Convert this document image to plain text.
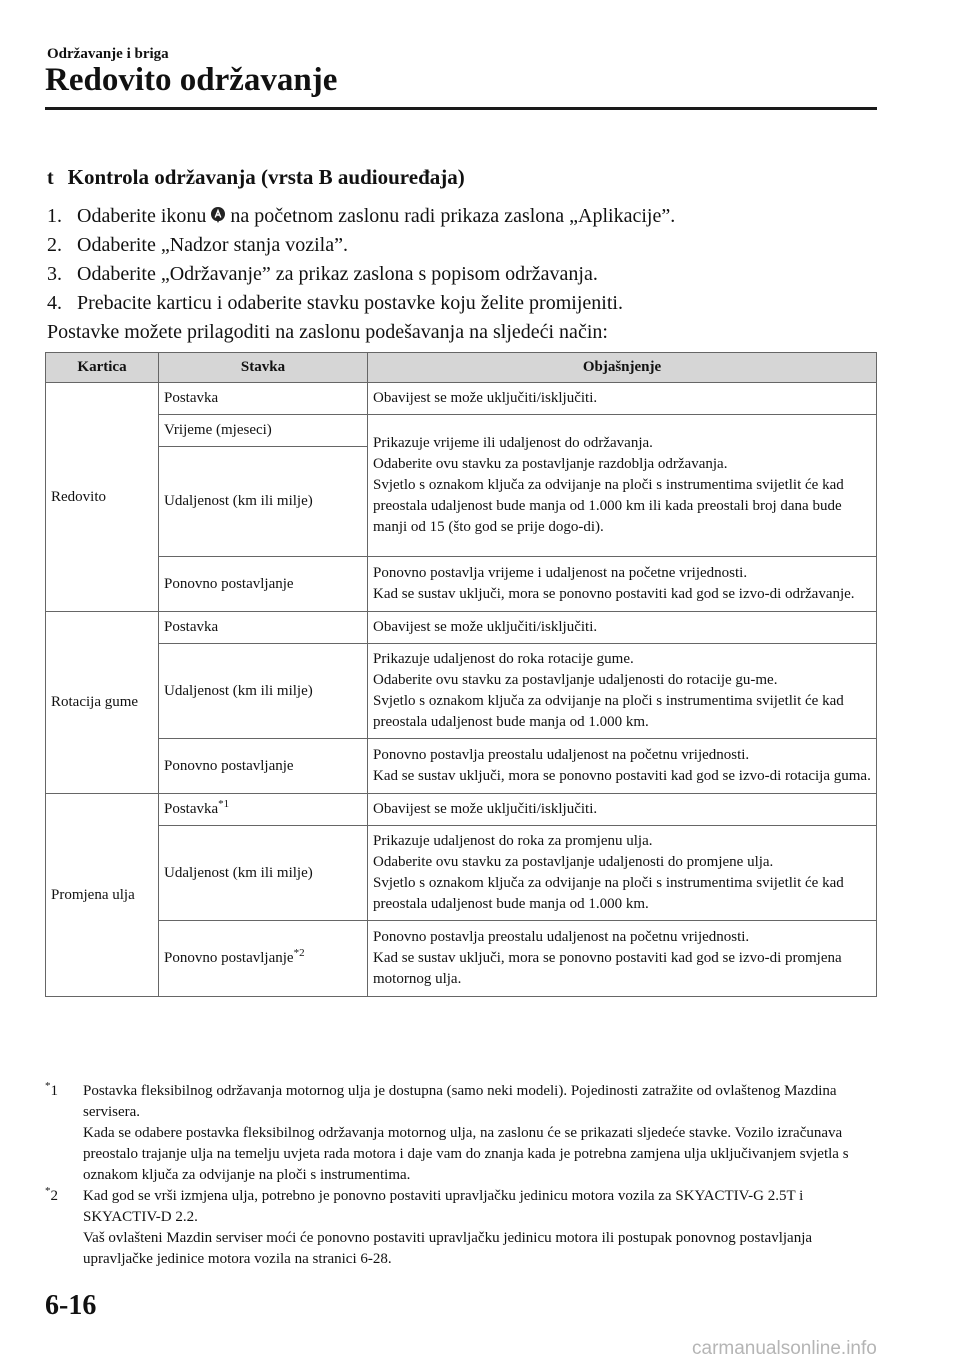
Održavanje i briga
Redovito održavanje
t Kontrola održavanja (vrsta B audiouređaja)
1. Odaberite ikonu na početnom zaslonu radi prikaza zaslona „Aplikacije”.
2. Odaberite „Nadzor stanja vozila”.
3. Odaberite „Održavanje” za prikaz zaslona s popisom održavanja.
4. Prebacite karticu i odaberite stavku postavke koju želite promijeniti.
Postavke možete prilagoditi na zaslonu podešavanja na sljedeći način:
Kartica	Stavka	Objašnjenje
Redovito	Postavka	Obavijest se može uključiti/isključiti.

	Vrijeme (mjeseci)	Prikazuje vrijeme ili udaljenost do održavanja.
Odaberite ovu stavku za postavljanje razdoblja održavanja.
Svjetlo s oznakom ključa za odvijanje na ploči s instrumentima svijetlit će kad preostala udaljenost bude manja od 1.000 km ili kada preostali broj dana bude manji od 15 (što god se prije dogo-di).

	Udaljenost (km ili milje)	
	Ponovno postavljanje	Ponovno postavlja vrijeme i udaljenost na početne vrijednosti.
Kad se sustav uključi, mora se ponovno postaviti kad god se izvo-di održavanje.

Rotacija gume	Postavka	Obavijest se može uključiti/isključiti.

	Udaljenost (km ili milje)	Prikazuje udaljenost do roka rotacije gume.
Odaberite ovu stavku za postavljanje udaljenosti do rotacije gu-me.
Svjetlo s oznakom ključa za odvijanje na ploči s instrumentima svijetlit će kad preostala udaljenost bude manja od 1.000 km.

	Ponovno postavljanje	Ponovno postavlja preostalu udaljenost na početnu vrijednosti.
Kad se sustav uključi, mora se ponovno postaviti kad god se izvo-di rotacija guma.

Promjena ulja	Postavka$^{*1}$	Obavijest se može uključiti/isključiti.

	Udaljenost (km ili milje)	Prikazuje udaljenost do roka za promjenu ulja.
Odaberite ovu stavku za postavljanje udaljenosti do promjene ulja.
Svjetlo s oznakom ključa za odvijanje na ploči s instrumentima svijetlit će kad preostala udaljenost bude manja od 1.000 km.

	Ponovno postavljanje$^{*2}$	Ponovno postavlja preostalu udaljenost na početnu vrijednosti.
Kad se sustav uključi, mora se ponovno postaviti kad god se izvo-di promjena motornog ulja.
*1	Postavka fleksibilnog održavanja motornog ulja je dostupna (samo neki modeli). Pojedinosti zatražite od ovlaštenog Mazdina servisera.

Kada se odabere postavka fleksibilnog održavanja motornog ulja, na zaslonu će se prikazati sljedeće stavke. Vozilo izračunava preostalo trajanje ulja na temelju uvjeta rada motora i daje vam do znanja kada je potrebna zamjena ulja uključivanjem svjetla s oznakom ključa za odvijanje na ploči s instrumentima.

*2	Kad god se vrši izmjena ulja, potrebno je ponovno postaviti upravljačku jedinicu motora vozila za SKYACTIV-G 2.5T i SKYACTIV-D 2.2.

Vaš ovlašteni Mazdin serviser moći će ponovno postaviti upravljačku jedinicu motora ili postupak ponovnog postavljanja upravljačke jedinice motora vozila na stranici 6-28.

6-16
carmanualsonline.info
